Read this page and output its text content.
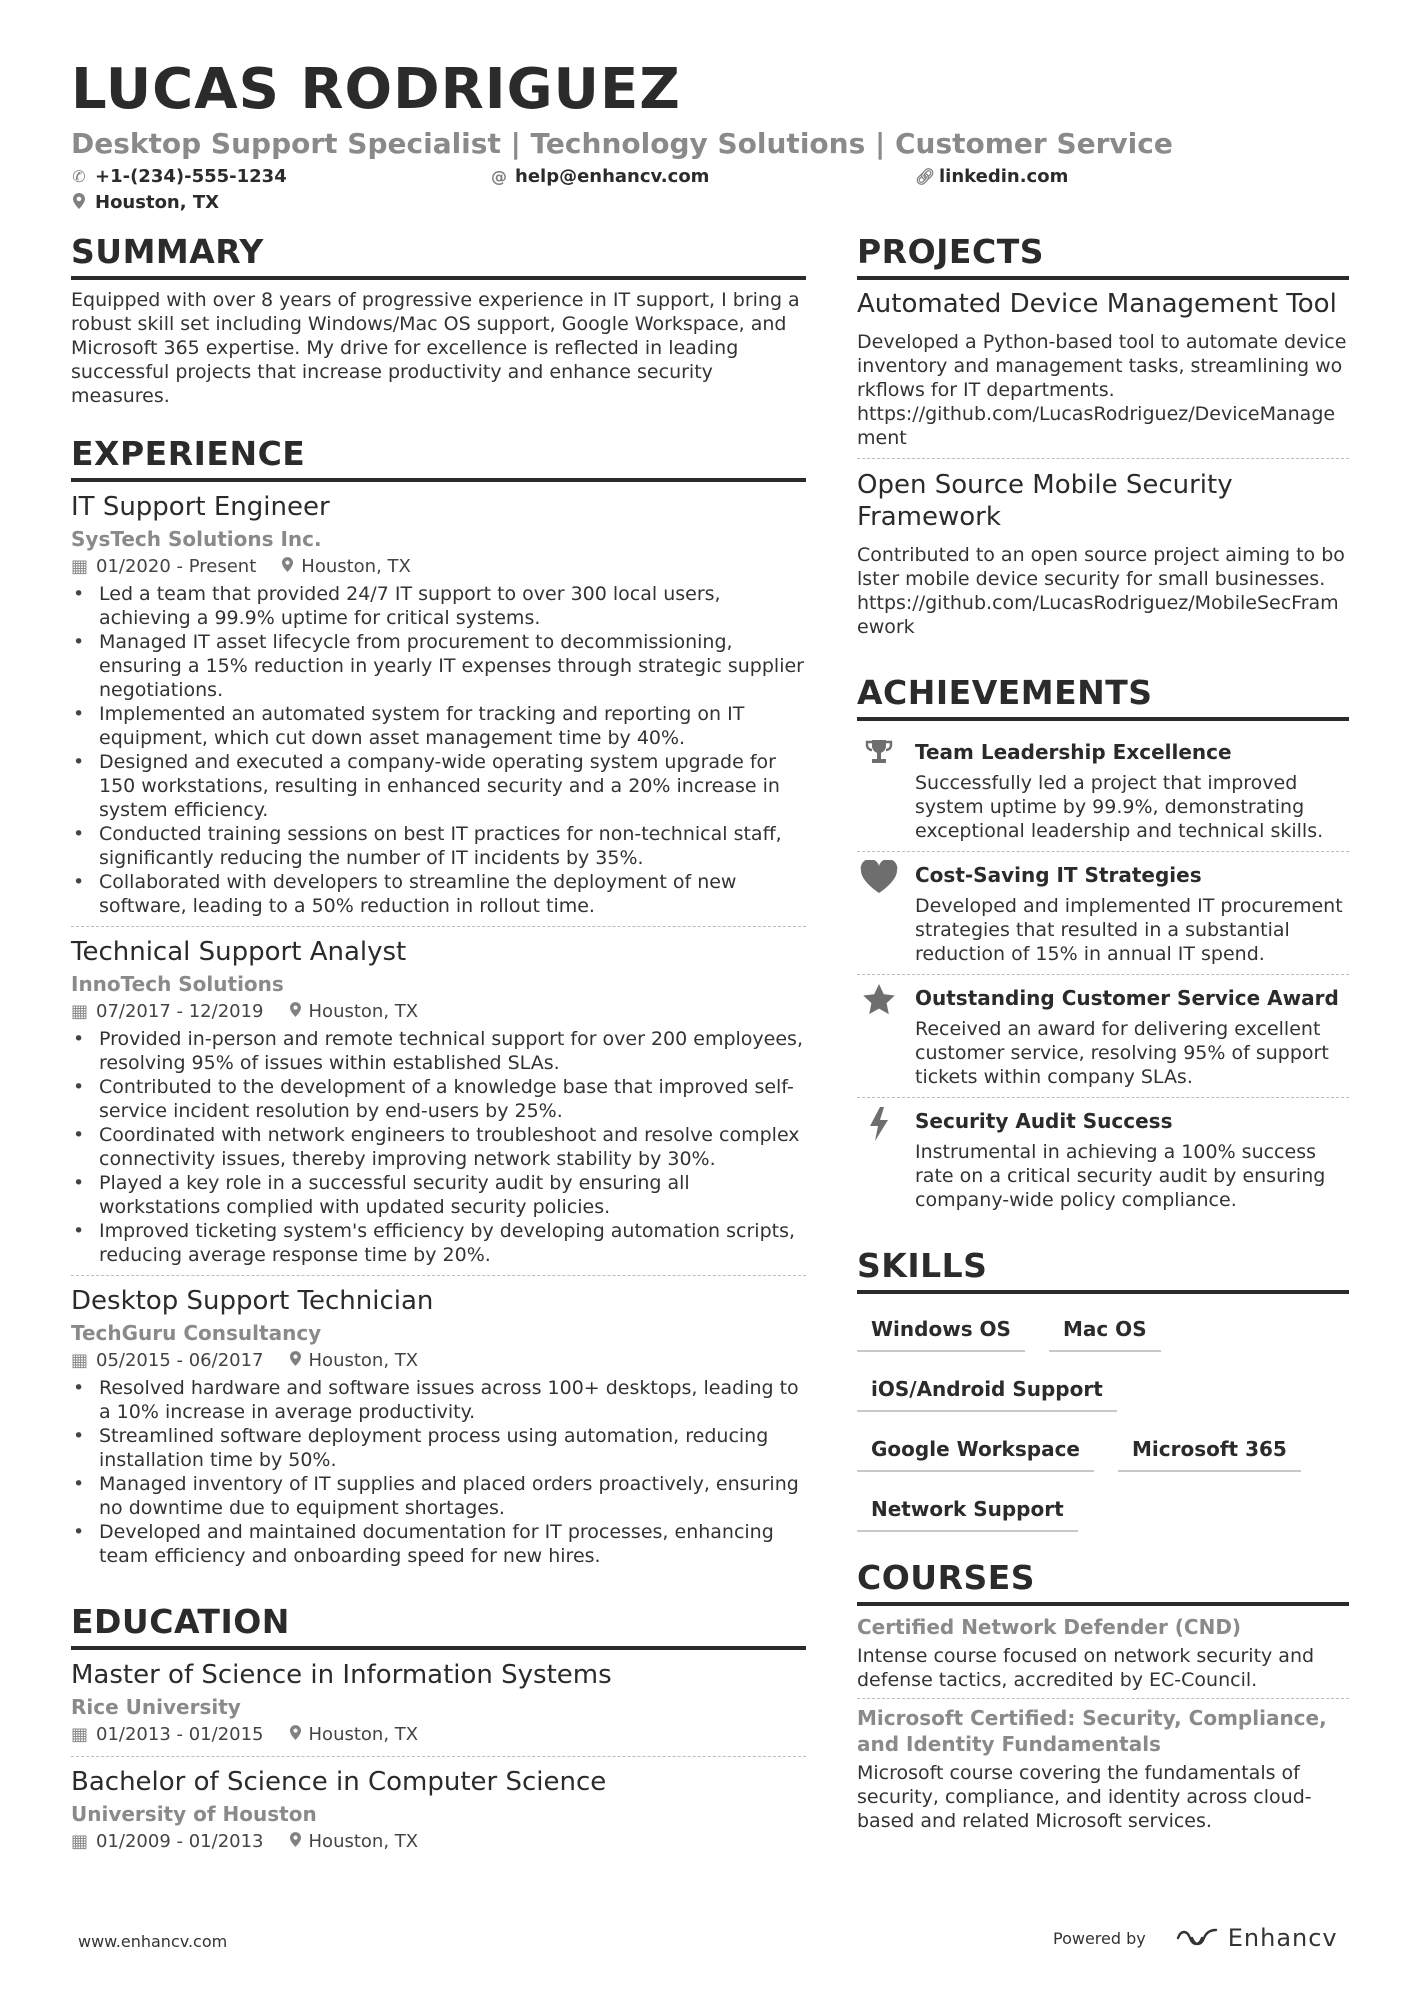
LUCAS RODRIGUEZ
Desktop Support Specialist | Technology Solutions | Customer Service
✆ +1-(234)-555-1234	@ help@enhancv.com	🔗︎ linkedin.com
Houston, TX
SUMMARY
Equipped with over 8 years of progressive experience in IT support, I bring a robust skill set including Windows/Mac OS support, Google Workspace, and Microsoft 365 expertise. My drive for excellence is reflected in leading successful projects that increase productivity and enhance security measures.
EXPERIENCE
IT Support Engineer
SysTech Solutions Inc.
▦ 01/2020 - Present	Houston, TX
• Led a team that provided 24/7 IT support to over 300 local users, achieving a 99.9% uptime for critical systems.
• Managed IT asset lifecycle from procurement to decommissioning, ensuring a 15% reduction in yearly IT expenses through strategic supplier negotiations.
• Implemented an automated system for tracking and reporting on IT equipment, which cut down asset management time by 40%.
• Designed and executed a company-wide operating system upgrade for 150 workstations, resulting in enhanced security and a 20% increase in system efficiency.
• Conducted training sessions on best IT practices for non-technical staff, significantly reducing the number of IT incidents by 35%.
• Collaborated with developers to streamline the deployment of new software, leading to a 50% reduction in rollout time.
Technical Support Analyst
InnoTech Solutions
▦ 07/2017 - 12/2019	Houston, TX
• Provided in-person and remote technical support for over 200 employees, resolving 95% of issues within established SLAs.
• Contributed to the development of a knowledge base that improved self-service incident resolution by end-users by 25%.
• Coordinated with network engineers to troubleshoot and resolve complex connectivity issues, thereby improving network stability by 30%.
• Played a key role in a successful security audit by ensuring all workstations complied with updated security policies.
• Improved ticketing system's efficiency by developing automation scripts, reducing average response time by 20%.
Desktop Support Technician
TechGuru Consultancy
▦ 05/2015 - 06/2017	Houston, TX
• Resolved hardware and software issues across 100+ desktops, leading to a 10% increase in average productivity.
• Streamlined software deployment process using automation, reducing installation time by 50%.
• Managed inventory of IT supplies and placed orders proactively, ensuring no downtime due to equipment shortages.
• Developed and maintained documentation for IT processes, enhancing team efficiency and onboarding speed for new hires.
EDUCATION
Master of Science in Information Systems
Rice University
▦ 01/2013 - 01/2015	Houston, TX
Bachelor of Science in Computer Science
University of Houston
▦ 01/2009 - 01/2013	Houston, TX
PROJECTS
Automated Device Management Tool
Developed a Python-based tool to automate device inventory and management tasks, streamlining workflows for IT departments.
https://github.com/LucasRodriguez/DeviceManagement
Open Source Mobile Security Framework
Contributed to an open source project aiming to bolster mobile device security for small businesses.
https://github.com/LucasRodriguez/MobileSecFramework
ACHIEVEMENTS
Team Leadership Excellence
Successfully led a project that improved system uptime by 99.9%, demonstrating exceptional leadership and technical skills.
Cost-Saving IT Strategies
Developed and implemented IT procurement strategies that resulted in a substantial reduction of 15% in annual IT spend.
Outstanding Customer Service Award
Received an award for delivering excellent customer service, resolving 95% of support tickets within company SLAs.
Security Audit Success
Instrumental in achieving a 100% success rate on a critical security audit by ensuring company-wide policy compliance.
SKILLS
Windows OS	Mac OS
iOS/Android Support
Google Workspace	Microsoft 365
Network Support
COURSES
Certified Network Defender (CND)
Intense course focused on network security and defense tactics, accredited by EC-Council.
Microsoft Certified: Security, Compliance, and Identity Fundamentals
Microsoft course covering the fundamentals of security, compliance, and identity across cloud-based and related Microsoft services.
www.enhancv.com	Powered by	Enhancv
